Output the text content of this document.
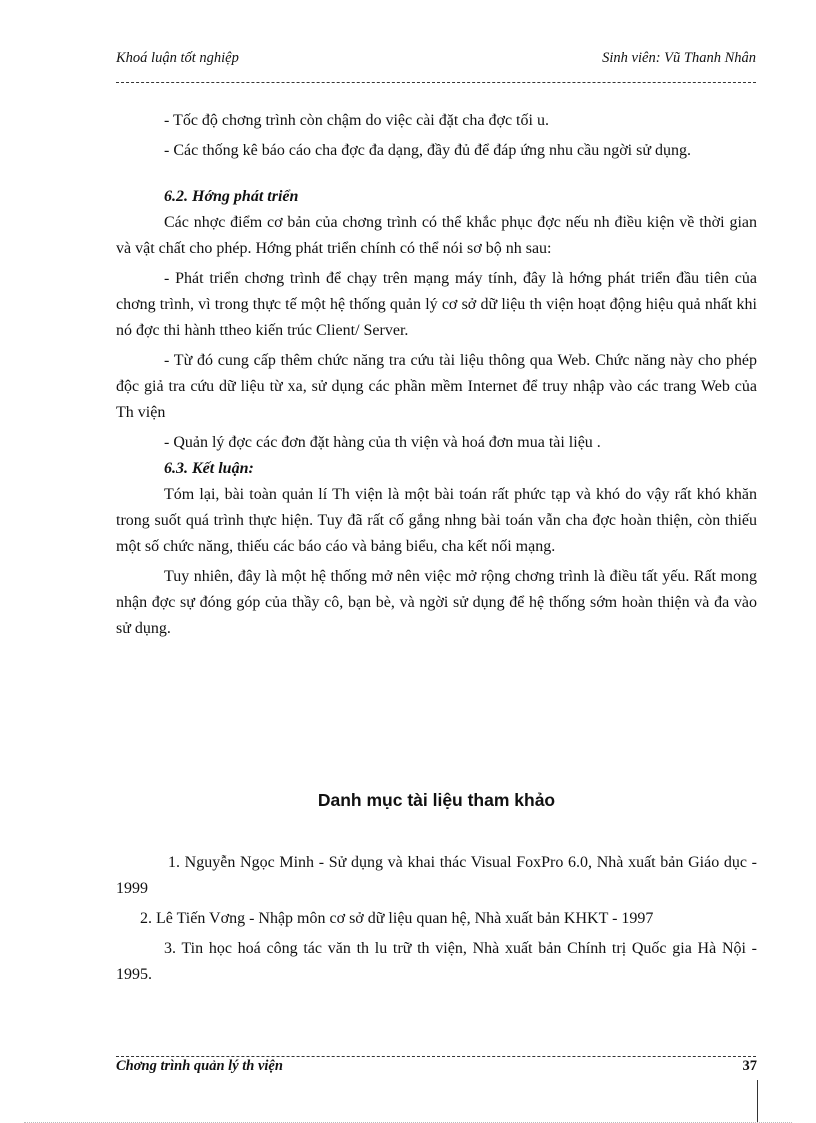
Khoá luận tốt nghiệp	Sinh viên: Vũ Thanh Nhân

- Tốc độ chơng trình còn chậm do việc cài đặt cha đợc tối u.

- Các thống kê báo cáo cha đợc đa dạng, đầy đủ để đáp ứng nhu cầu ngời sử dụng.

6.2. Hớng phát triển

Các nhợc điểm cơ bản của chơng trình có thể khắc phục đợc nếu nh điều kiện về thời gian và vật chất cho phép. Hớng phát triển chính có thể nói sơ bộ nh sau:

- Phát triển chơng trình để chạy trên mạng máy tính, đây là hớng phát triển đầu tiên của chơng trình, vì trong thực tế một hệ thống quản lý cơ sở dữ liệu th viện hoạt động hiệu quả nhất khi nó đợc thi hành ttheo kiến trúc Client/ Server.

- Từ đó cung cấp thêm chức năng tra cứu tài liệu thông qua Web. Chức năng này cho phép độc giả tra cứu dữ liệu từ xa, sử dụng các phần mềm Internet để truy nhập vào các trang Web của Th viện

- Quản lý đợc các đơn đặt hàng của th viện và hoá đơn mua tài liệu .

6.3. Kết luận:

Tóm lại, bài toàn quản lí Th viện là một bài toán rất phức tạp và khó do vậy rất khó khăn trong suốt quá trình thực hiện. Tuy đã rất cố gắng nhng bài toán vẫn cha đợc hoàn thiện, còn thiếu một số chức năng, thiếu các báo cáo và bảng biểu, cha kết nối mạng.

Tuy nhiên, đây là một hệ thống mở nên việc mở rộng chơng trình là điều tất yếu. Rất mong nhận đợc sự đóng góp của thầy cô, bạn bè, và ngời sử dụng để hệ thống sớm hoàn thiện và đa vào sử dụng.

Danh mục tài liệu tham khảo

1. Nguyễn Ngọc Minh - Sử dụng và khai thác Visual FoxPro 6.0, Nhà xuất bản Giáo dục - 1999

2. Lê Tiến Vơng - Nhập môn cơ sở dữ liệu quan hệ, Nhà xuất bản KHKT - 1997

3. Tin học hoá công tác văn th lu trữ th viện, Nhà xuất bản Chính trị Quốc gia Hà Nội - 1995.

Chơng trình quản lý th viện	37
